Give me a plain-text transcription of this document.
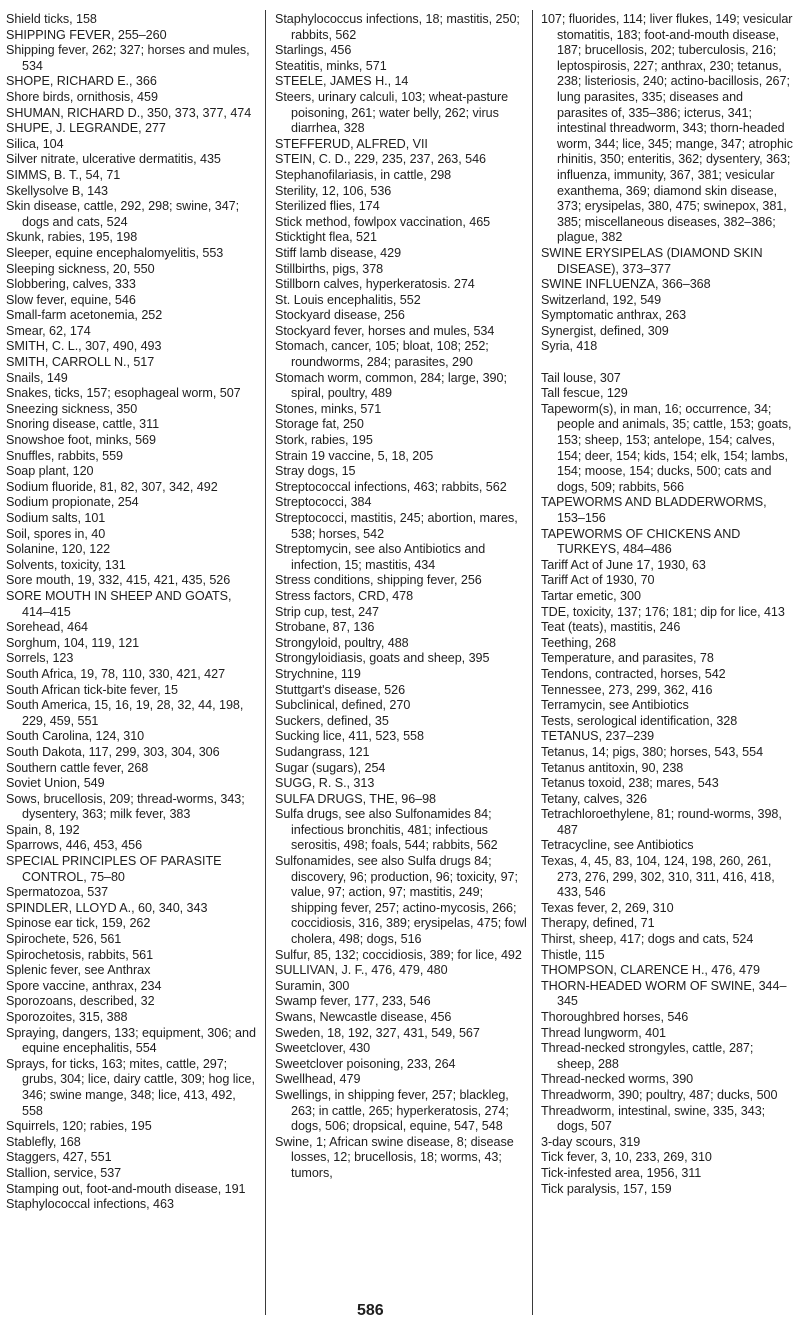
Shield ticks, 158

SHIPPING FEVER, 255–260

Shipping fever, 262; 327; horses and mules, 534

SHOPE, RICHARD E., 366

Shore birds, ornithosis, 459

SHUMAN, RICHARD D., 350, 373, 377, 474

SHUPE, J. LEGRANDE, 277

Silica, 104

Silver nitrate, ulcerative dermatitis, 435

SIMMS, B. T., 54, 71

Skellysolve B, 143

Skin disease, cattle, 292, 298; swine, 347; dogs and cats, 524

Skunk, rabies, 195, 198

Sleeper, equine encephalomyelitis, 553

Sleeping sickness, 20, 550

Slobbering, calves, 333

Slow fever, equine, 546

Small-farm acetonemia, 252

Smear, 62, 174

SMITH, C. L., 307, 490, 493

SMITH, CARROLL N., 517

Snails, 149

Snakes, ticks, 157; esophageal worm, 507

Sneezing sickness, 350

Snoring disease, cattle, 311

Snowshoe foot, minks, 569

Snuffles, rabbits, 559

Soap plant, 120

Sodium fluoride, 81, 82, 307, 342, 492

Sodium propionate, 254

Sodium salts, 101

Soil, spores in, 40

Solanine, 120, 122

Solvents, toxicity, 131

Sore mouth, 19, 332, 415, 421, 435, 526

SORE MOUTH IN SHEEP AND GOATS, 414–415

Sorehead, 464

Sorghum, 104, 119, 121

Sorrels, 123

South Africa, 19, 78, 110, 330, 421, 427

South African tick-bite fever, 15

South America, 15, 16, 19, 28, 32, 44, 198, 229, 459, 551

South Carolina, 124, 310

South Dakota, 117, 299, 303, 304, 306

Southern cattle fever, 268

Soviet Union, 549

Sows, brucellosis, 209; thread-worms, 343; dysentery, 363; milk fever, 383

Spain, 8, 192

Sparrows, 446, 453, 456

SPECIAL PRINCIPLES OF PARASITE CONTROL, 75–80

Spermatozoa, 537

SPINDLER, LLOYD A., 60, 340, 343

Spinose ear tick, 159, 262

Spirochete, 526, 561

Spirochetosis, rabbits, 561

Splenic fever, see Anthrax

Spore vaccine, anthrax, 234

Sporozoans, described, 32

Sporozoites, 315, 388

Spraying, dangers, 133; equipment, 306; and equine encephalitis, 554

Sprays, for ticks, 163; mites, cattle, 297; grubs, 304; lice, dairy cattle, 309; hog lice, 346; swine mange, 348; lice, 413, 492, 558

Squirrels, 120; rabies, 195

Stablefly, 168

Staggers, 427, 551

Stallion, service, 537

Stamping out, foot-and-mouth disease, 191

Staphylococcal infections, 463

Staphylococcus infections, 18; mastitis, 250; rabbits, 562

Starlings, 456

Steatitis, minks, 571

STEELE, JAMES H., 14

Steers, urinary calculi, 103; wheat-pasture poisoning, 261; water belly, 262; virus diarrhea, 328

STEFFERUD, ALFRED, VII

STEIN, C. D., 229, 235, 237, 263, 546

Stephanofilariasis, in cattle, 298

Sterility, 12, 106, 536

Sterilized flies, 174

Stick method, fowlpox vaccination, 465

Sticktight flea, 521

Stiff lamb disease, 429

Stillbirths, pigs, 378

Stillborn calves, hyperkeratosis. 274

St. Louis encephalitis, 552

Stockyard disease, 256

Stockyard fever, horses and mules, 534

Stomach, cancer, 105; bloat, 108; 252; roundworms, 284; parasites, 290

Stomach worm, common, 284; large, 390; spiral, poultry, 489

Stones, minks, 571

Storage fat, 250

Stork, rabies, 195

Strain 19 vaccine, 5, 18, 205

Stray dogs, 15

Streptococcal infections, 463; rabbits, 562

Streptococci, 384

Streptococci, mastitis, 245; abortion, mares, 538; horses, 542

Streptomycin, see also Antibiotics and infection, 15; mastitis, 434

Stress conditions, shipping fever, 256

Stress factors, CRD, 478

Strip cup, test, 247

Strobane, 87, 136

Strongyloid, poultry, 488

Strongyloidiasis, goats and sheep, 395

Strychnine, 119

Stuttgart's disease, 526

Subclinical, defined, 270

Suckers, defined, 35

Sucking lice, 411, 523, 558

Sudangrass, 121

Sugar (sugars), 254

SUGG, R. S., 313

SULFA DRUGS, THE, 96–98

Sulfa drugs, see also Sulfonamides 84; infectious bronchitis, 481; infectious serositis, 498; foals, 544; rabbits, 562

Sulfonamides, see also Sulfa drugs 84; discovery, 96; production, 96; toxicity, 97; value, 97; action, 97; mastitis, 249; shipping fever, 257; actino-mycosis, 266; coccidiosis, 316, 389; erysipelas, 475; fowl cholera, 498; dogs, 516

Sulfur, 85, 132; coccidiosis, 389; for lice, 492

SULLIVAN, J. F., 476, 479, 480

Suramin, 300

Swamp fever, 177, 233, 546

Swans, Newcastle disease, 456

Sweden, 18, 192, 327, 431, 549, 567

Sweetclover, 430

Sweetclover poisoning, 233, 264

Swellhead, 479

Swellings, in shipping fever, 257; blackleg, 263; in cattle, 265; hyperkeratosis, 274; dogs, 506; dropsical, equine, 547, 548

Swine, 1; African swine disease, 8; disease losses, 12; brucellosis, 18; worms, 43; tumors,

107; fluorides, 114; liver flukes, 149; vesicular stomatitis, 183; foot-and-mouth disease, 187; brucellosis, 202; tuberculosis, 216; leptospirosis, 227; anthrax, 230; tetanus, 238; listeriosis, 240; actino-bacillosis, 267; lung parasites, 335; diseases and parasites of, 335–386; icterus, 341; intestinal threadworm, 343; thorn-headed worm, 344; lice, 345; mange, 347; atrophic rhinitis, 350; enteritis, 362; dysentery, 363; influenza, immunity, 367, 381; vesicular exanthema, 369; diamond skin disease, 373; erysipelas, 380, 475; swinepox, 381, 385; miscellaneous diseases, 382–386; plague, 382

SWINE ERYSIPELAS (DIAMOND SKIN DISEASE), 373–377

SWINE INFLUENZA, 366–368

Switzerland, 192, 549

Symptomatic anthrax, 263

Synergist, defined, 309

Syria, 418

Tail louse, 307

Tall fescue, 129

Tapeworm(s), in man, 16; occurrence, 34; people and animals, 35; cattle, 153; goats, 153; sheep, 153; antelope, 154; calves, 154; deer, 154; kids, 154; elk, 154; lambs, 154; moose, 154; ducks, 500; cats and dogs, 509; rabbits, 566

TAPEWORMS AND BLADDERWORMS, 153–156

TAPEWORMS OF CHICKENS AND TURKEYS, 484–486

Tariff Act of June 17, 1930, 63

Tariff Act of 1930, 70

Tartar emetic, 300

TDE, toxicity, 137; 176; 181; dip for lice, 413

Teat (teats), mastitis, 246

Teething, 268

Temperature, and parasites, 78

Tendons, contracted, horses, 542

Tennessee, 273, 299, 362, 416

Terramycin, see Antibiotics

Tests, serological identification, 328

TETANUS, 237–239

Tetanus, 14; pigs, 380; horses, 543, 554

Tetanus antitoxin, 90, 238

Tetanus toxoid, 238; mares, 543

Tetany, calves, 326

Tetrachloroethylene, 81; round-worms, 398, 487

Tetracycline, see Antibiotics

Texas, 4, 45, 83, 104, 124, 198, 260, 261, 273, 276, 299, 302, 310, 311, 416, 418, 433, 546

Texas fever, 2, 269, 310

Therapy, defined, 71

Thirst, sheep, 417; dogs and cats, 524

Thistle, 115

THOMPSON, CLARENCE H., 476, 479

THORN-HEADED WORM OF SWINE, 344–345

Thoroughbred horses, 546

Thread lungworm, 401

Thread-necked strongyles, cattle, 287; sheep, 288

Thread-necked worms, 390

Threadworm, 390; poultry, 487; ducks, 500

Threadworm, intestinal, swine, 335, 343; dogs, 507

3-day scours, 319

Tick fever, 3, 10, 233, 269, 310

Tick-infested area, 1956, 311

Tick paralysis, 157, 159

586
